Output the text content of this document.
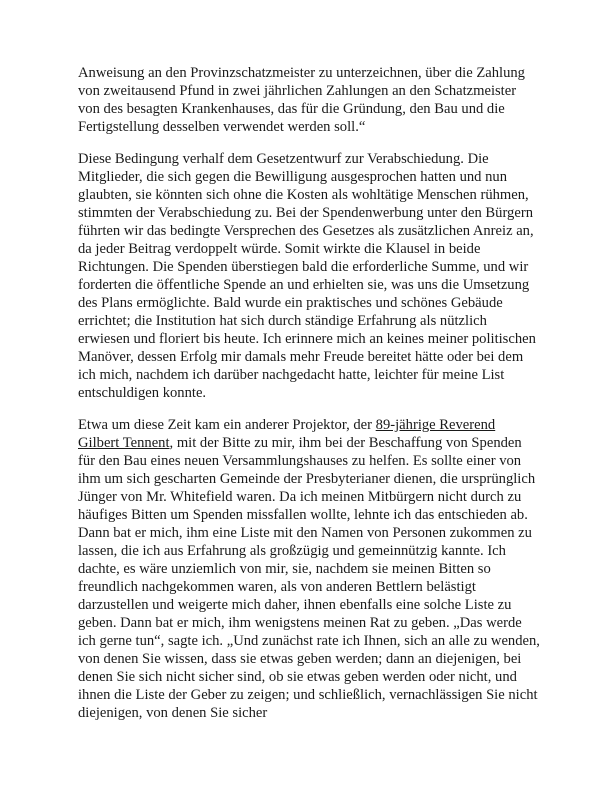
Anweisung an den Provinzschatzmeister zu unterzeichnen, über die Zahlung von zweitausend Pfund in zwei jährlichen Zahlungen an den Schatzmeister von des besagten Krankenhauses, das für die Gründung, den Bau und die Fertigstellung desselben verwendet werden soll.“

Diese Bedingung verhalf dem Gesetzentwurf zur Verabschiedung. Die Mitglieder, die sich gegen die Bewilligung ausgesprochen hatten und nun glaubten, sie könnten sich ohne die Kosten als wohltätige Menschen rühmen, stimmten der Verabschiedung zu. Bei der Spendenwerbung unter den Bürgern führten wir das bedingte Versprechen des Gesetzes als zusätzlichen Anreiz an, da jeder Beitrag verdoppelt würde. Somit wirkte die Klausel in beide Richtungen. Die Spenden überstiegen bald die erforderliche Summe, und wir forderten die öffentliche Spende an und erhielten sie, was uns die Umsetzung des Plans ermöglichte. Bald wurde ein praktisches und schönes Gebäude errichtet; die Institution hat sich durch ständige Erfahrung als nützlich erwiesen und floriert bis heute. Ich erinnere mich an keines meiner politischen Manöver, dessen Erfolg mir damals mehr Freude bereitet hätte oder bei dem ich mich, nachdem ich darüber nachgedacht hatte, leichter für meine List entschuldigen konnte.

Etwa um diese Zeit kam ein anderer Projektor, der 89-jährige Reverend Gilbert Tennent, mit der Bitte zu mir, ihm bei der Beschaffung von Spenden für den Bau eines neuen Versammlungshauses zu helfen. Es sollte einer von ihm um sich gescharten Gemeinde der Presbyterianer dienen, die ursprünglich Jünger von Mr. Whitefield waren. Da ich meinen Mitbürgern nicht durch zu häufiges Bitten um Spenden missfallen wollte, lehnte ich das entschieden ab. Dann bat er mich, ihm eine Liste mit den Namen von Personen zukommen zu lassen, die ich aus Erfahrung als großzügig und gemeinnützig kannte. Ich dachte, es wäre unziemlich von mir, sie, nachdem sie meinen Bitten so freundlich nachgekommen waren, als von anderen Bettlern belästigt darzustellen und weigerte mich daher, ihnen ebenfalls eine solche Liste zu geben. Dann bat er mich, ihm wenigstens meinen Rat zu geben. „Das werde ich gerne tun“, sagte ich. „Und zunächst rate ich Ihnen, sich an alle zu wenden, von denen Sie wissen, dass sie etwas geben werden; dann an diejenigen, bei denen Sie sich nicht sicher sind, ob sie etwas geben werden oder nicht, und ihnen die Liste der Geber zu zeigen; und schließlich, vernachlässigen Sie nicht diejenigen, von denen Sie sicher
